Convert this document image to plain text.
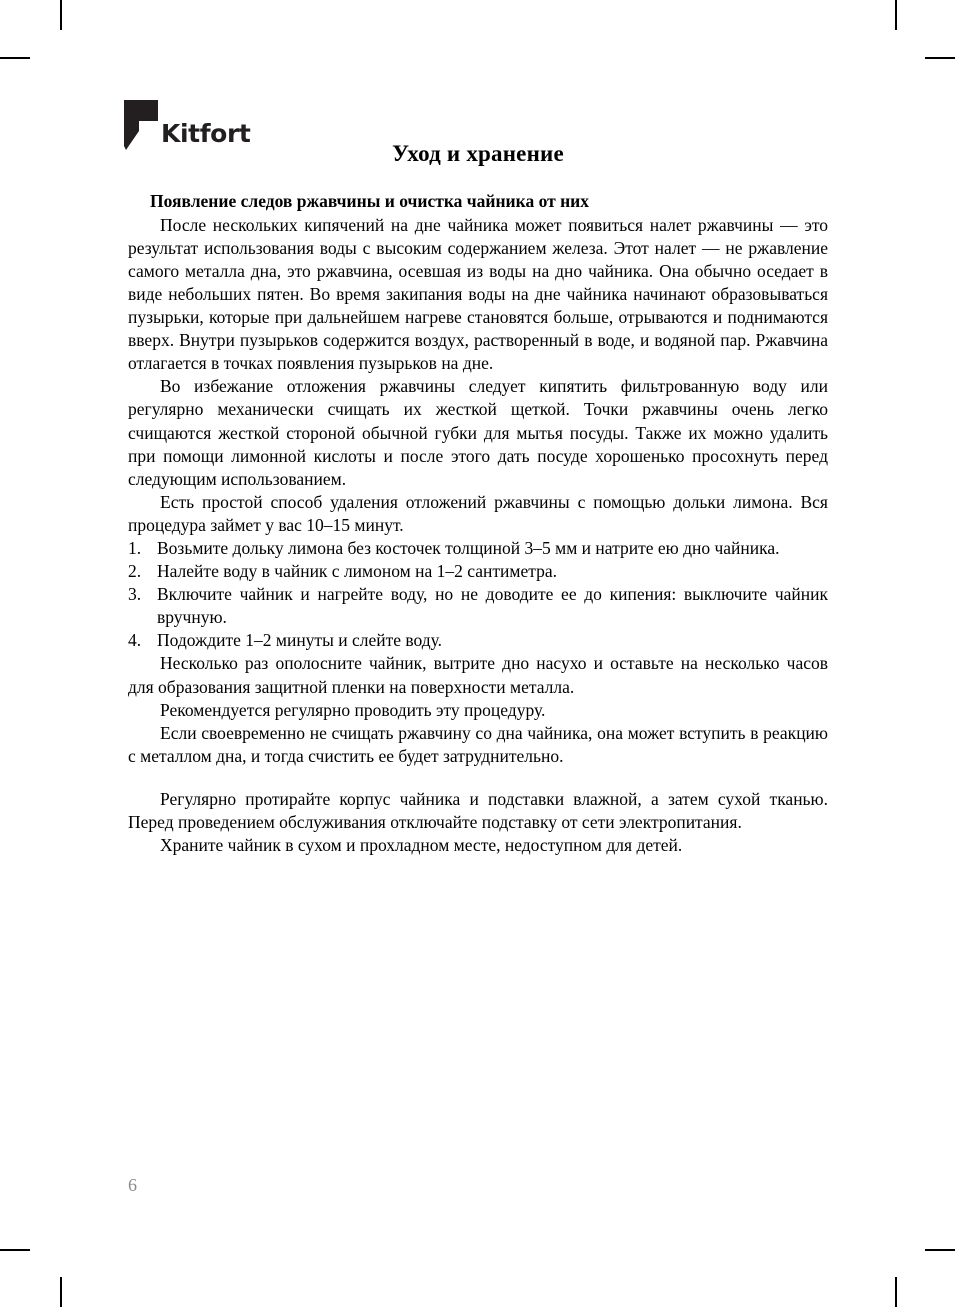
Kitfort
Уход и хранение
Появление следов ржавчины и очистка чайника от них

После нескольких кипячений на дне чайника может появиться налет ржавчины — это результат использования воды с высоким содержанием железа. Этот налет — не ржавление самого металла дна, это ржавчина, осевшая из воды на дно чайника. Она обычно оседает в виде небольших пятен. Во время закипания воды на дне чайника начинают образовываться пузырьки, которые при дальнейшем нагреве становятся больше, отрываются и поднимаются вверх. Внутри пузырьков содержится воздух, растворенный в воде, и водяной пар. Ржавчина отлагается в точках появления пузырьков на дне.

Во избежание отложения ржавчины следует кипятить фильтрованную воду или регулярно механически счищать их жесткой щеткой. Точки ржавчины очень легко счищаются жесткой стороной обычной губки для мытья посуды. Также их можно удалить при помощи лимонной кислоты и после этого дать посуде хорошенько просохнуть перед следующим использованием.

Есть простой способ удаления отложений ржавчины с помощью дольки лимона. Вся процедура займет у вас 10–15 минут.

1. Возьмите дольку лимона без косточек толщиной 3–5 мм и натрите ею дно чайника.
2. Налейте воду в чайник с лимоном на 1–2 сантиметра.
3. Включите чайник и нагрейте воду, но не доводите ее до кипения: выключите чайник вручную.
4. Подождите 1–2 минуты и слейте воду.

Несколько раз ополосните чайник, вытрите дно насухо и оставьте на несколько часов для образования защитной пленки на поверхности металла.

Рекомендуется регулярно проводить эту процедуру.

Если своевременно не счищать ржавчину со дна чайника, она может вступить в реакцию с металлом дна, и тогда счистить ее будет затруднительно.

Регулярно протирайте корпус чайника и подставки влажной, а затем сухой тканью. Перед проведением обслуживания отключайте подставку от сети электропитания.

Храните чайник в сухом и прохладном месте, недоступном для детей.

6
